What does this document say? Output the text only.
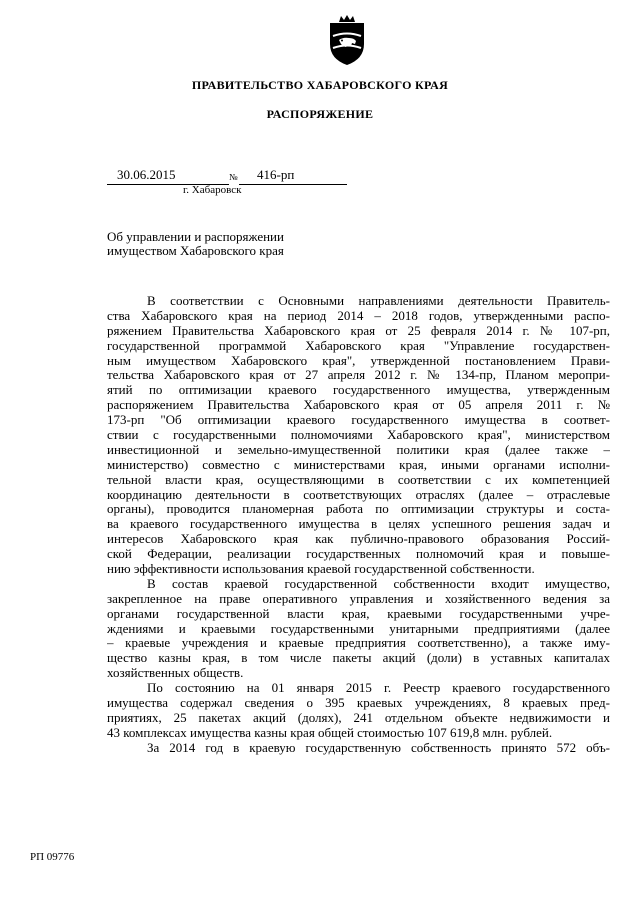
ПРАВИТЕЛЬСТВО ХАБАРОВСКОГО КРАЯ
РАСПОРЯЖЕНИЕ
30.06.2015	№	416-рп
г. Хабаровск
Об управлении и распоряжении
имуществом Хабаровского края
В соответствии с Основными направлениями деятельности Правитель-
ства Хабаровского края на период 2014 – 2018 годов, утвержденными распо-
ряжением Правительства Хабаровского края от 25 февраля 2014 г. № 107-рп,
государственной программой Хабаровского края "Управление государствен-
ным имуществом Хабаровского края", утвержденной постановлением Прави-
тельства Хабаровского края от 27 апреля 2012 г. № 134-пр, Планом меропри-
ятий по оптимизации краевого государственного имущества, утвержденным
распоряжением Правительства Хабаровского края от 05 апреля 2011 г. №
173-рп "Об оптимизации краевого государственного имущества в соответ-
ствии с государственными полномочиями Хабаровского края", министерством
инвестиционной и земельно-имущественной политики края (далее также –
министерство) совместно с министерствами края, иными органами исполни-
тельной власти края, осуществляющими в соответствии с их компетенцией
координацию деятельности в соответствующих отраслях (далее – отраслевые
органы), проводится планомерная работа по оптимизации структуры и соста-
ва краевого государственного имущества в целях успешного решения задач и
интересов Хабаровского края как публично-правового образования Россий-
ской Федерации, реализации государственных полномочий края и повыше-
нию эффективности использования краевой государственной собственности.
В состав краевой государственной собственности входит имущество,
закрепленное на праве оперативного управления и хозяйственного ведения за
органами государственной власти края, краевыми государственными учре-
ждениями и краевыми государственными унитарными предприятиями (далее
– краевые учреждения и краевые предприятия соответственно), а также иму-
щество казны края, в том числе пакеты акций (доли) в уставных капиталах
хозяйственных обществ.
По состоянию на 01 января 2015 г. Реестр краевого государственного
имущества содержал сведения о 395 краевых учреждениях, 8 краевых пред-
приятиях, 25 пакетах акций (долях), 241 отдельном объекте недвижимости и
43 комплексах имущества казны края общей стоимостью 107 619,8 млн. рублей.
За 2014 год в краевую государственную собственность принято 572 объ-
РП 09776
